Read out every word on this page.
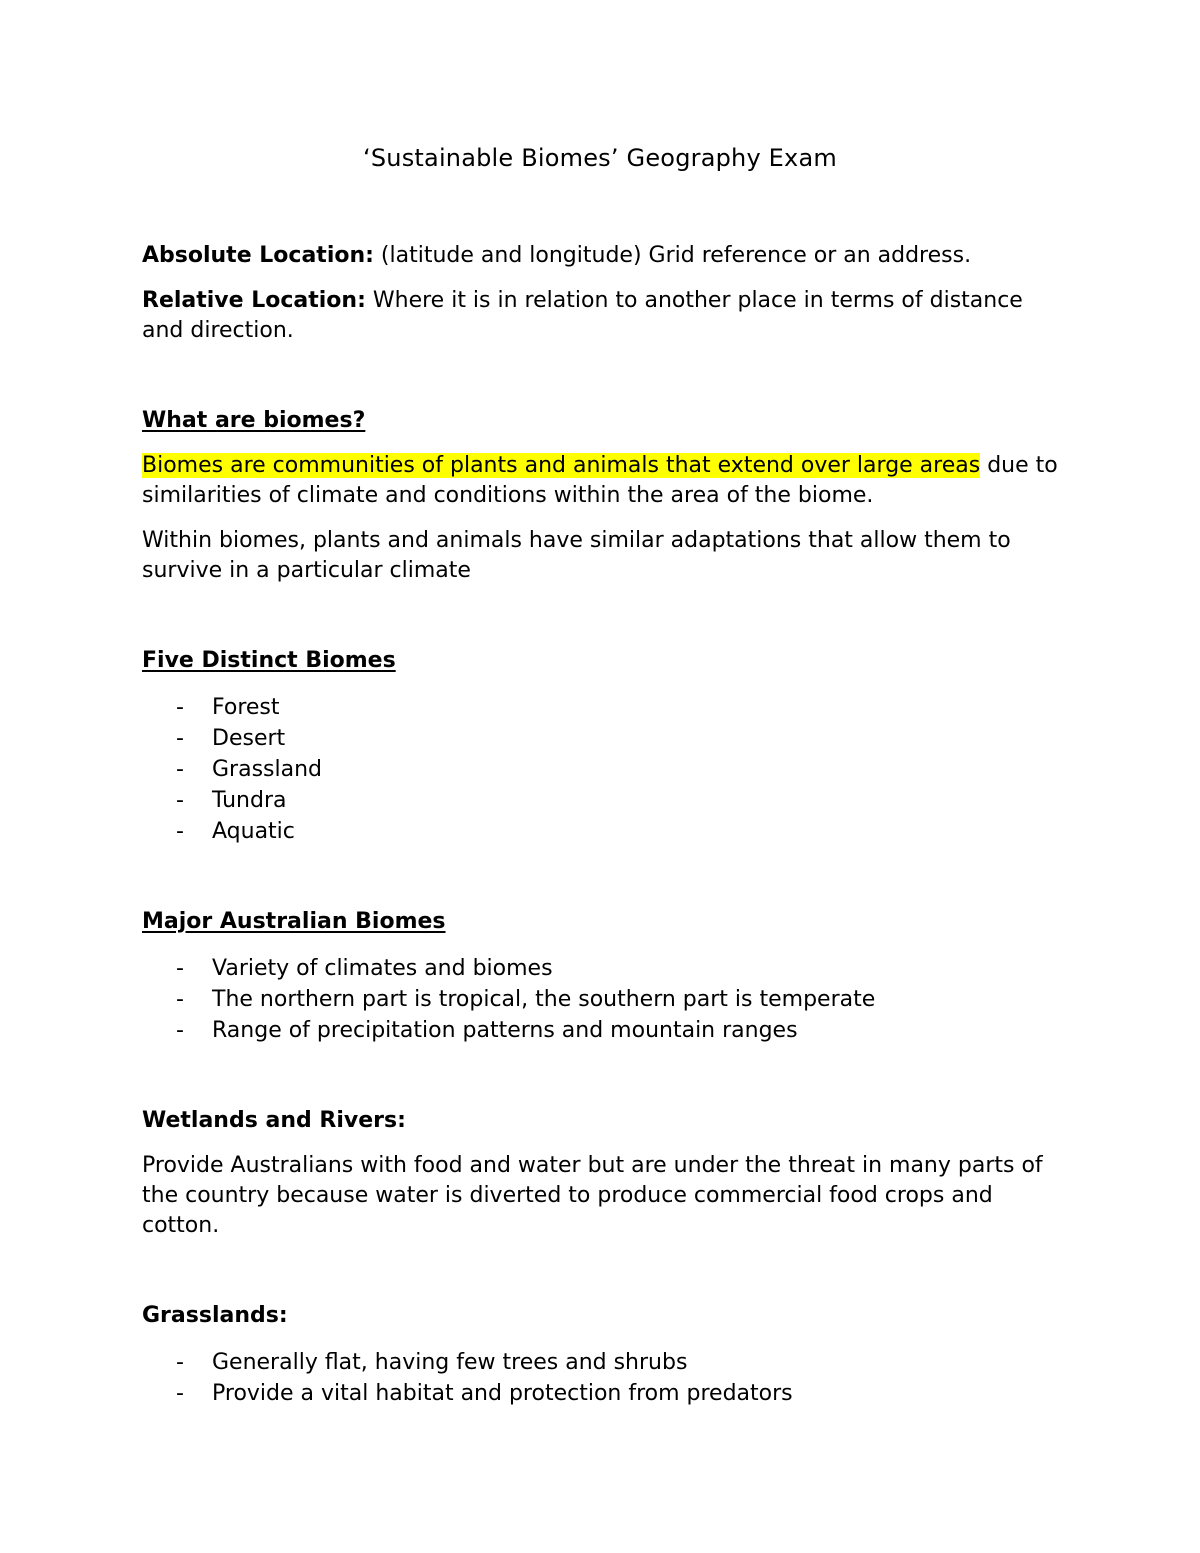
‘Sustainable Biomes’ Geography Exam

Absolute Location: (latitude and longitude) Grid reference or an address.

Relative Location: Where it is in relation to another place in terms of distance and direction.

What are biomes?

Biomes are communities of plants and animals that extend over large areas due to similarities of climate and conditions within the area of the biome.

Within biomes, plants and animals have similar adaptations that allow them to survive in a particular climate

Five Distinct Biomes

- Forest
- Desert
- Grassland
- Tundra
- Aquatic

Major Australian Biomes

- Variety of climates and biomes
- The northern part is tropical, the southern part is temperate
- Range of precipitation patterns and mountain ranges

Wetlands and Rivers:

Provide Australians with food and water but are under the threat in many parts of the country because water is diverted to produce commercial food crops and cotton.

Grasslands:

- Generally flat, having few trees and shrubs
- Provide a vital habitat and protection from predators
